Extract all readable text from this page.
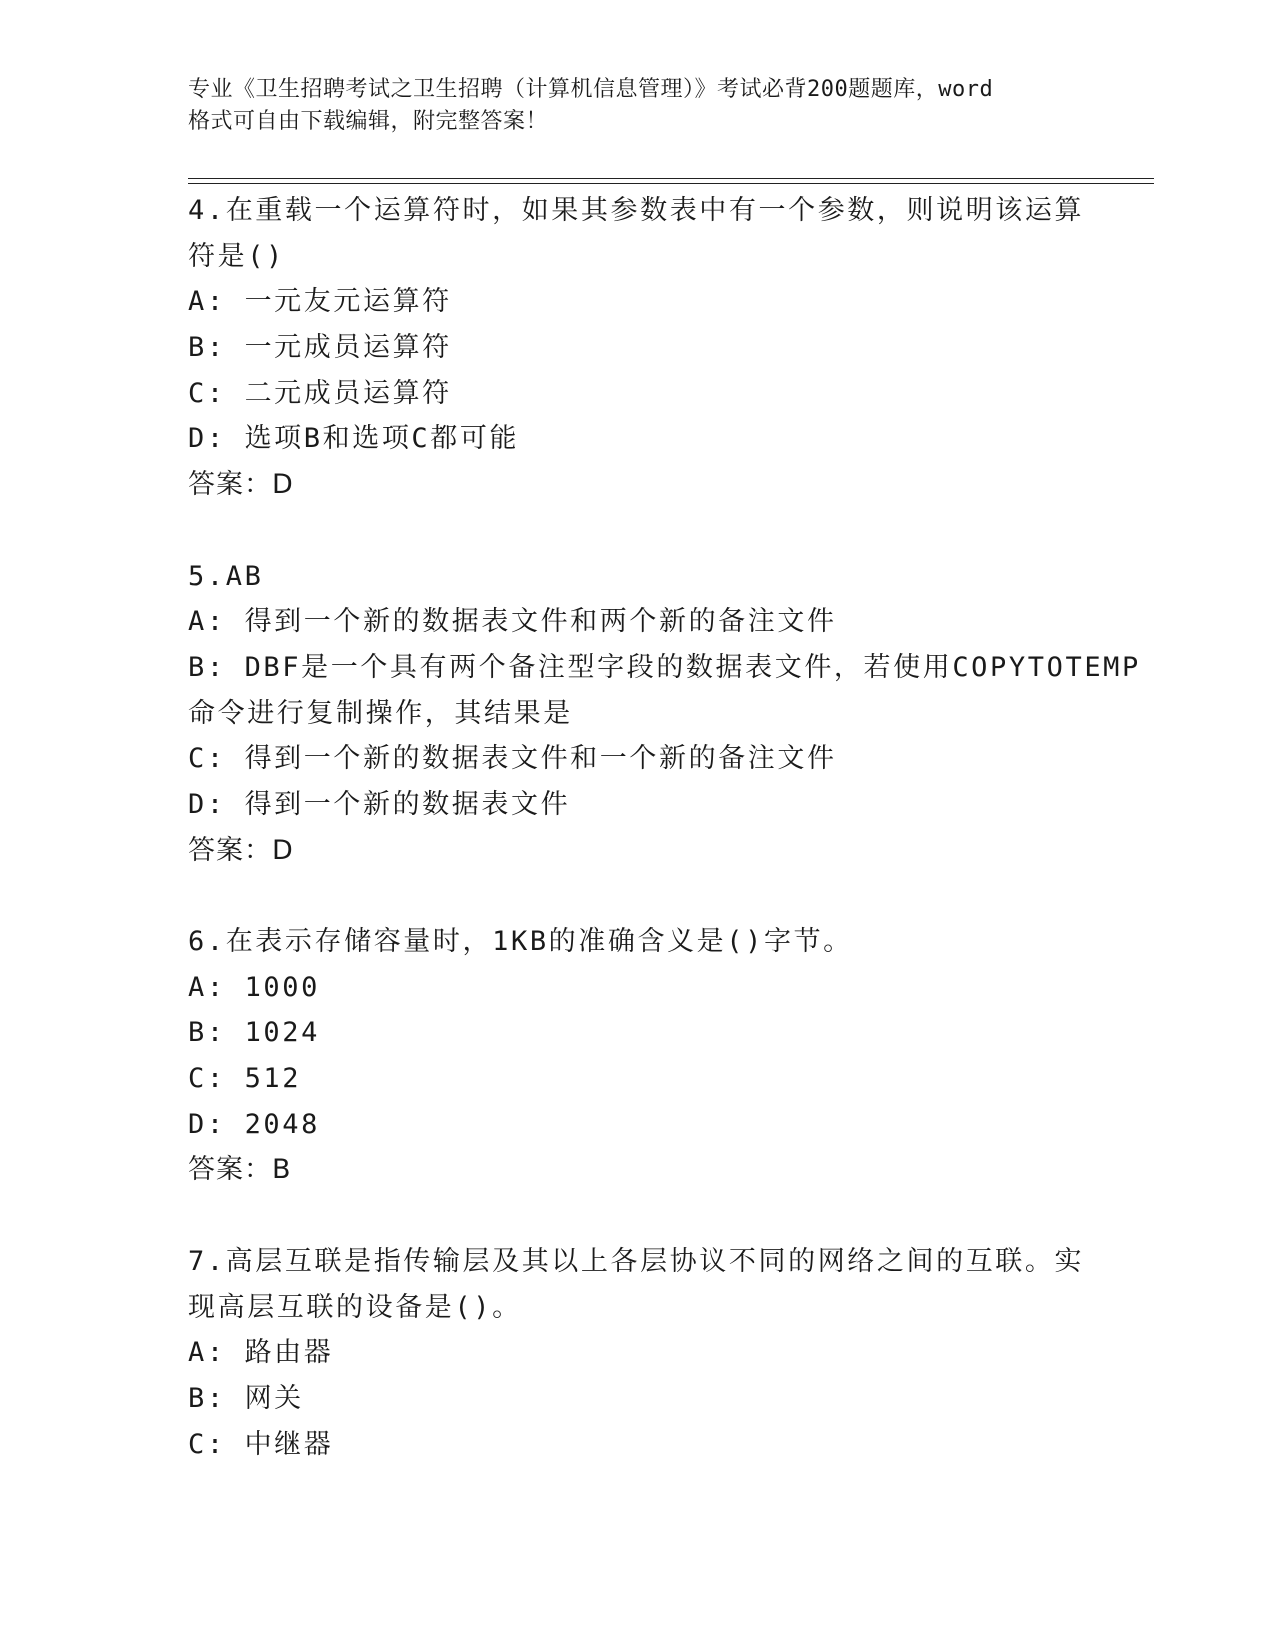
专业《卫生招聘考试之卫生招聘（计算机信息管理）》考试必背200题题库，word

格式可自由下载编辑，附完整答案！

4.在重载一个运算符时，如果其参数表中有一个参数，则说明该运算

符是()

A: 一元友元运算符

B: 一元成员运算符

C: 二元成员运算符

D: 选项B和选项C都可能

答案：D

5.AB

A: 得到一个新的数据表文件和两个新的备注文件

B: DBF是一个具有两个备注型字段的数据表文件，若使用COPYTOTEMP

命令进行复制操作，其结果是

C: 得到一个新的数据表文件和一个新的备注文件

D: 得到一个新的数据表文件

答案：D

6.在表示存储容量时，1KB的准确含义是()字节。

A: 1000

B: 1024

C: 512

D: 2048

答案：B

7.高层互联是指传输层及其以上各层协议不同的网络之间的互联。实

现高层互联的设备是()。

A: 路由器

B: 网关

C: 中继器
